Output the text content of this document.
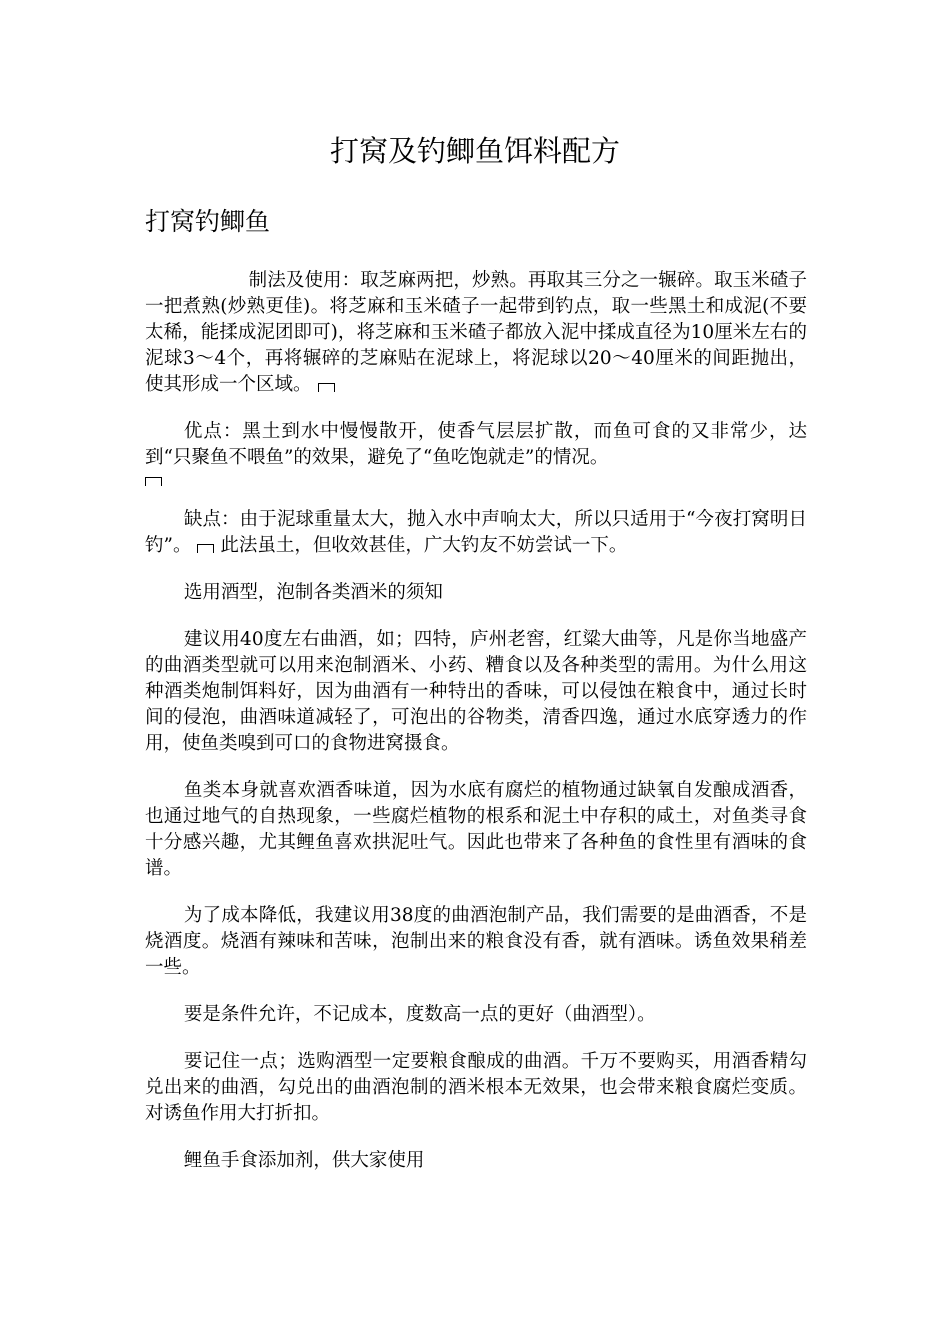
打窝及钓鲫鱼饵料配方
打窝钓鲫鱼

制法及使用：取芝麻两把，炒熟。再取其三分之一辗碎。取玉米碴子一把煮熟(炒熟更佳)。将芝麻和玉米碴子一起带到钓点，取一些黑土和成泥(不要太稀，能揉成泥团即可)，将芝麻和玉米碴子都放入泥中揉成直径为10厘米左右的泥球3～4个，再将辗碎的芝麻贴在泥球上，将泥球以20～40厘米的间距抛出，使其形成一个区域。

优点：黑土到水中慢慢散开，使香气层层扩散，而鱼可食的又非常少，达到“只聚鱼不喂鱼”的效果，避免了“鱼吃饱就走”的情况。

缺点：由于泥球重量太大，抛入水中声响太大，所以只适用于“今夜打窝明日钓”。 此法虽土，但收效甚佳，广大钓友不妨尝试一下。

选用酒型，泡制各类酒米的须知

建议用40度左右曲酒，如；四特，庐州老窖，红粱大曲等，凡是你当地盛产的曲酒类型就可以用来泡制酒米、小药、糟食以及各种类型的需用。为什么用这种酒类炮制饵料好，因为曲酒有一种特出的香味，可以侵蚀在粮食中，通过长时间的侵泡，曲酒味道减轻了，可泡出的谷物类，清香四逸，通过水底穿透力的作用，使鱼类嗅到可口的食物进窝摄食。

鱼类本身就喜欢酒香味道，因为水底有腐烂的植物通过缺氧自发酿成酒香，也通过地气的自热现象，一些腐烂植物的根系和泥土中存积的咸土，对鱼类寻食十分感兴趣，尤其鲤鱼喜欢拱泥吐气。因此也带来了各种鱼的食性里有酒味的食谱。

为了成本降低，我建议用38度的曲酒泡制产品，我们需要的是曲酒香，不是烧酒度。烧酒有辣味和苦味，泡制出来的粮食没有香，就有酒味。诱鱼效果稍差一些。

要是条件允许，不记成本，度数高一点的更好（曲酒型）。

要记住一点；选购酒型一定要粮食酿成的曲酒。千万不要购买，用酒香精勾兑出来的曲酒，勾兑出的曲酒泡制的酒米根本无效果，也会带来粮食腐烂变质。对诱鱼作用大打折扣。

鲤鱼手食添加剂，供大家使用
